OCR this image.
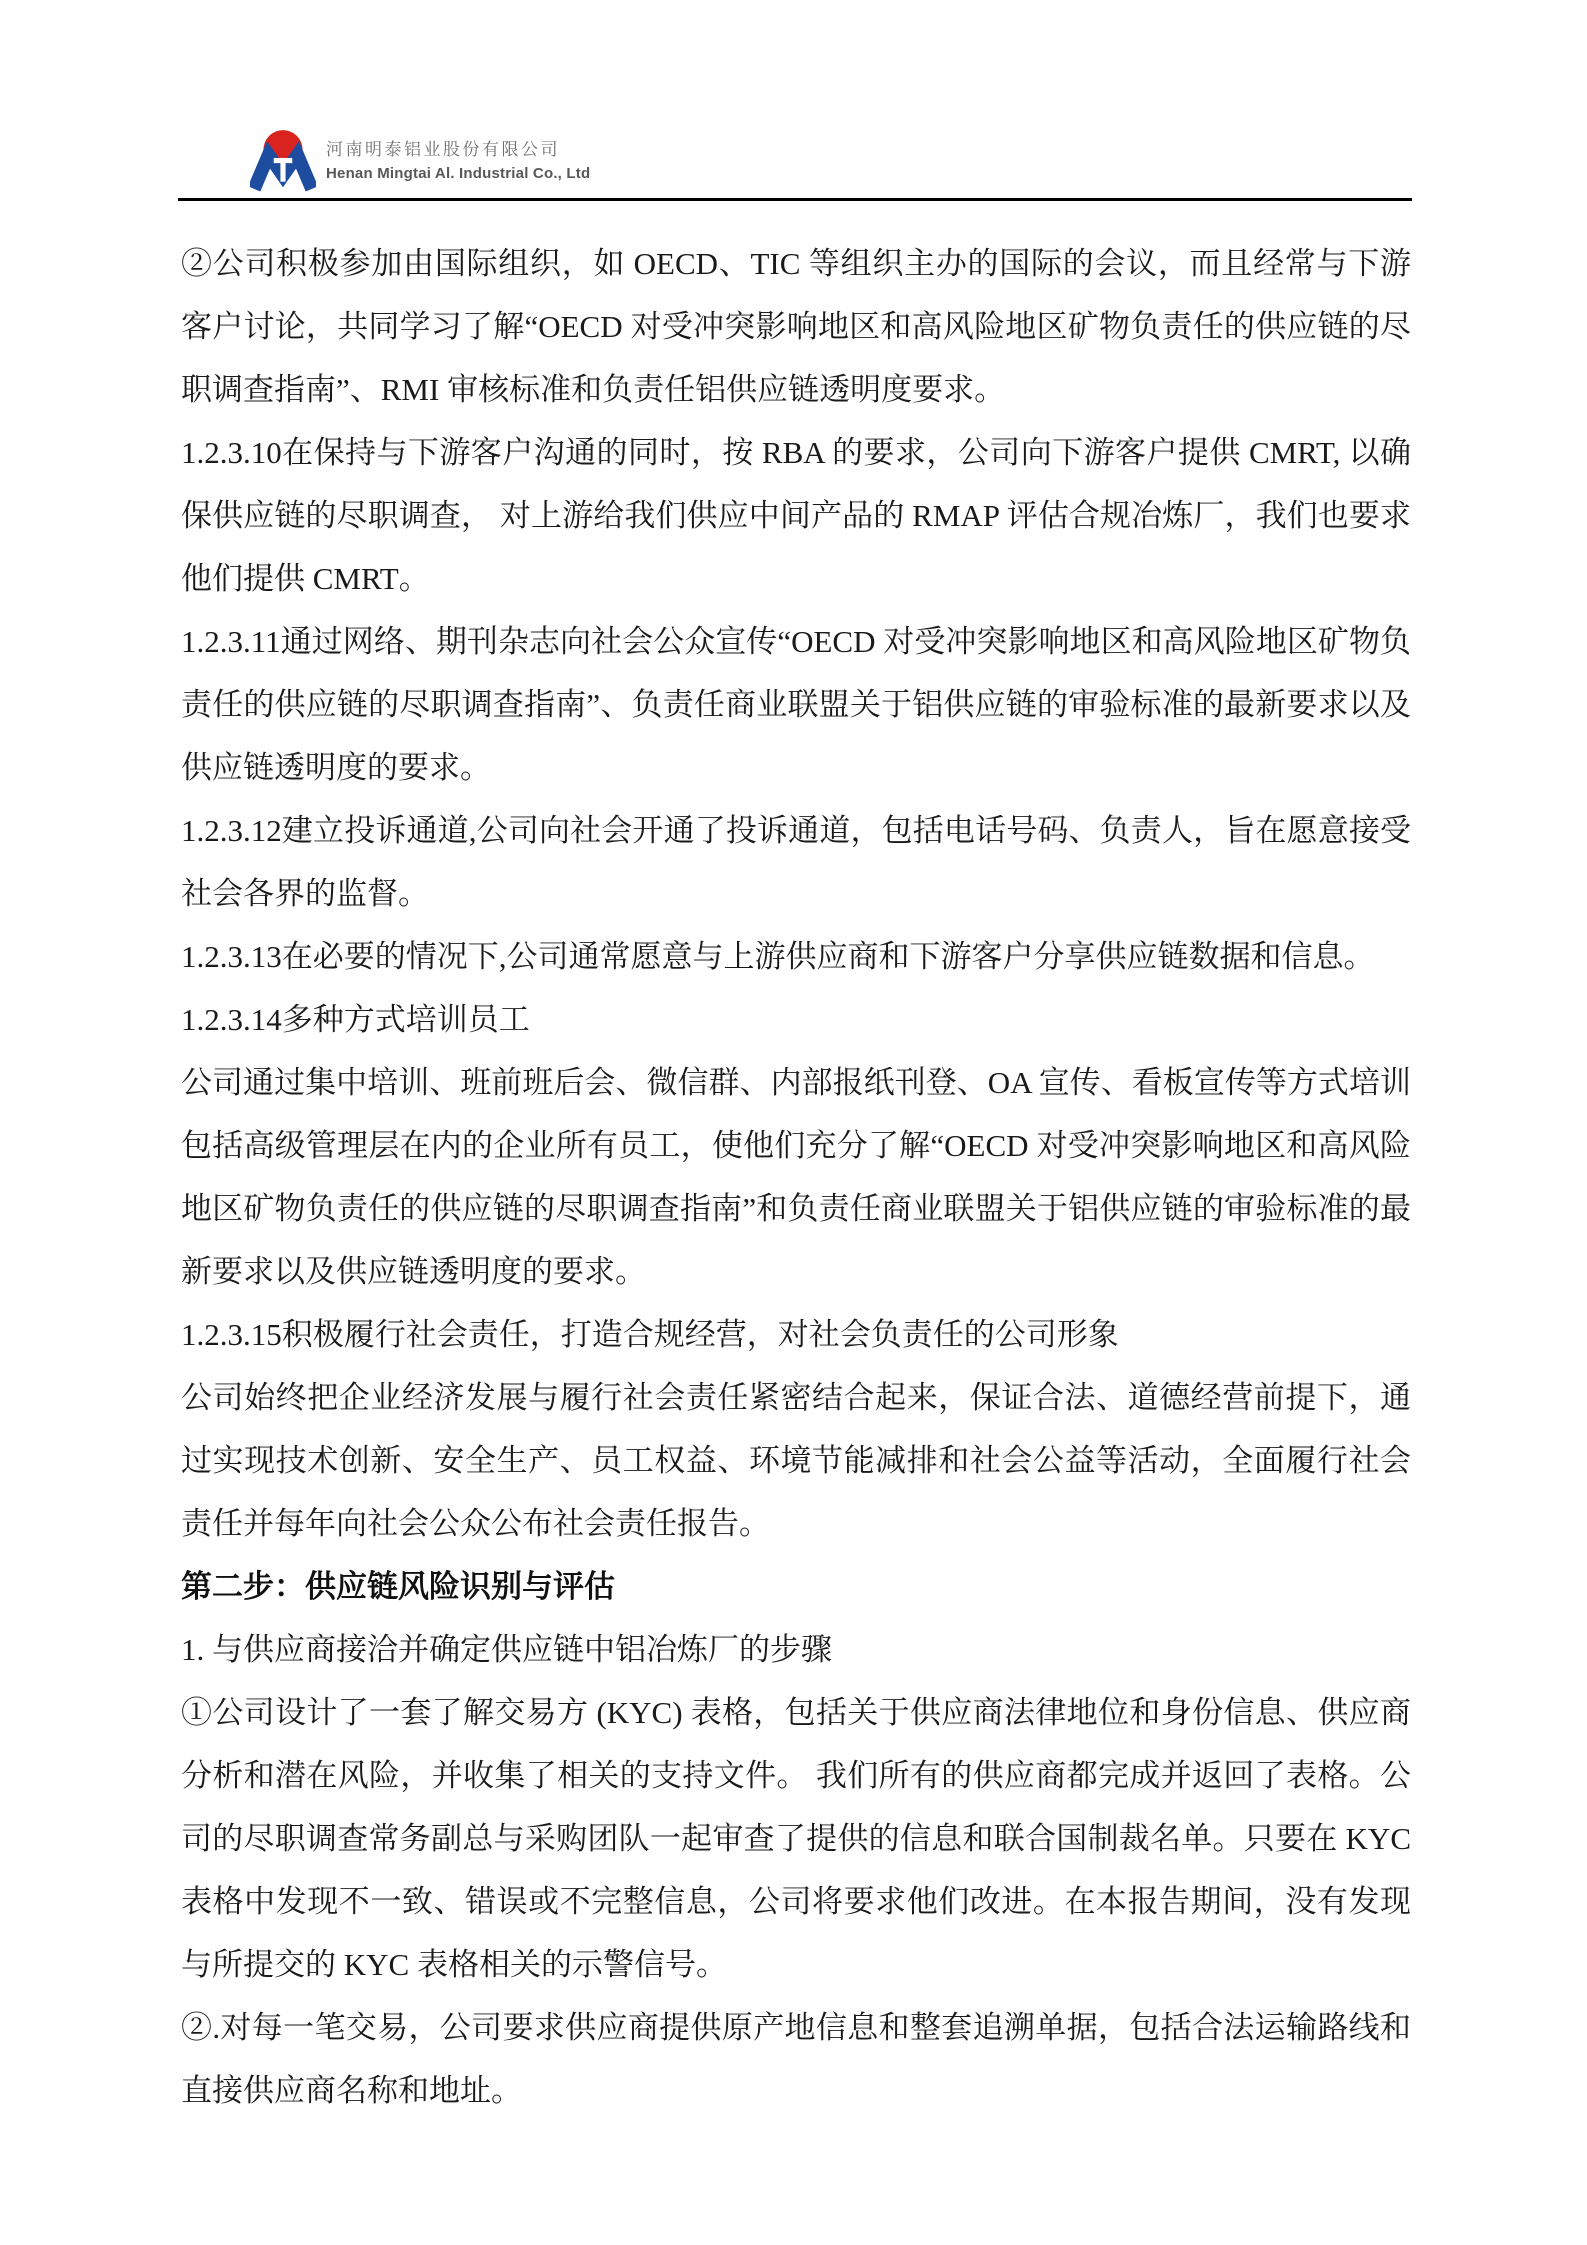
河南明泰铝业股份有限公司
Henan Mingtai Al. Industrial Co., Ltd

②公司积极参加由国际组织，如 OECD、TIC 等组织主办的国际的会议，而且经常与下游客户讨论，共同学习了解“OECD 对受冲突影响地区和高风险地区矿物负责任的供应链的尽职调查指南”、RMI 审核标准和负责任铝供应链透明度要求。

1.2.3.10在保持与下游客户沟通的同时，按 RBA 的要求，公司向下游客户提供 CMRT, 以确保供应链的尽职调查， 对上游给我们供应中间产品的 RMAP 评估合规冶炼厂，我们也要求他们提供 CMRT。

1.2.3.11通过网络、期刊杂志向社会公众宣传“OECD 对受冲突影响地区和高风险地区矿物负责任的供应链的尽职调查指南”、负责任商业联盟关于铝供应链的审验标准的最新要求以及供应链透明度的要求。

1.2.3.12建立投诉通道,公司向社会开通了投诉通道，包括电话号码、负责人，旨在愿意接受社会各界的监督。

1.2.3.13在必要的情况下,公司通常愿意与上游供应商和下游客户分享供应链数据和信息。

1.2.3.14多种方式培训员工

公司通过集中培训、班前班后会、微信群、内部报纸刊登、OA 宣传、看板宣传等方式培训包括高级管理层在内的企业所有员工，使他们充分了解“OECD 对受冲突影响地区和高风险地区矿物负责任的供应链的尽职调查指南”和负责任商业联盟关于铝供应链的审验标准的最新要求以及供应链透明度的要求。

1.2.3.15积极履行社会责任，打造合规经营，对社会负责任的公司形象

公司始终把企业经济发展与履行社会责任紧密结合起来，保证合法、道德经营前提下，通过实现技术创新、安全生产、员工权益、环境节能减排和社会公益等活动，全面履行社会责任并每年向社会公众公布社会责任报告。

第二步：供应链风险识别与评估

1. 与供应商接洽并确定供应链中铝冶炼厂的步骤

①公司设计了一套了解交易方 (KYC) 表格，包括关于供应商法律地位和身份信息、供应商分析和潜在风险，并收集了相关的支持文件。 我们所有的供应商都完成并返回了表格。公司的尽职调查常务副总与采购团队一起审查了提供的信息和联合国制裁名单。只要在 KYC 表格中发现不一致、错误或不完整信息，公司将要求他们改进。在本报告期间，没有发现与所提交的 KYC 表格相关的示警信号。

②.对每一笔交易，公司要求供应商提供原产地信息和整套追溯单据，包括合法运输路线和直接供应商名称和地址。
